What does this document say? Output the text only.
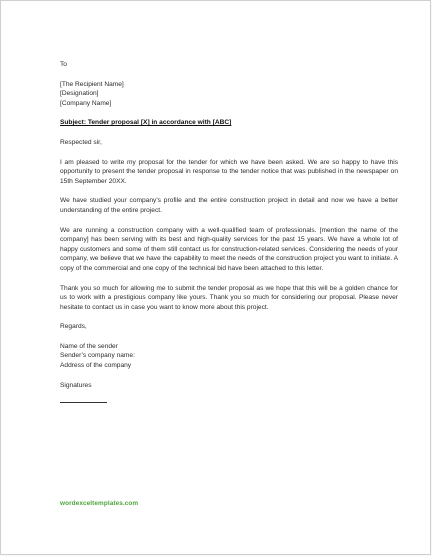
To

[The Recipient Name]

[Designation]

[Company Name]

Subject: Tender proposal [X] in accordance with [ABC]

Respected sir,

I am pleased to write my proposal for the tender for which we have been asked. We are so happy to have this opportunity to present the tender proposal in response to the tender notice that was published in the newspaper on 15th September 20XX.

We have studied your company’s profile and the entire construction project in detail and now we have a better understanding of the entire project.

We are running a construction company with a well-qualified team of professionals. [mention the name of the company] has been serving with its best and high-quality services for the past 15 years. We have a whole lot of happy customers and some of them still contact us for construction-related services. Considering the needs of your company, we believe that we have the capability to meet the needs of the construction project you want to initiate. A copy of the commercial and one copy of the technical bid have been attached to this letter.

Thank you so much for allowing me to submit the tender proposal as we hope that this will be a golden chance for us to work with a prestigious company like yours. Thank you so much for considering our proposal. Please never hesitate to contact us in case you want to know more about this project.

Regards,

Name of the sender

Sender’s company name:

Address of the company

Signatures

wordexceltemplates.com
